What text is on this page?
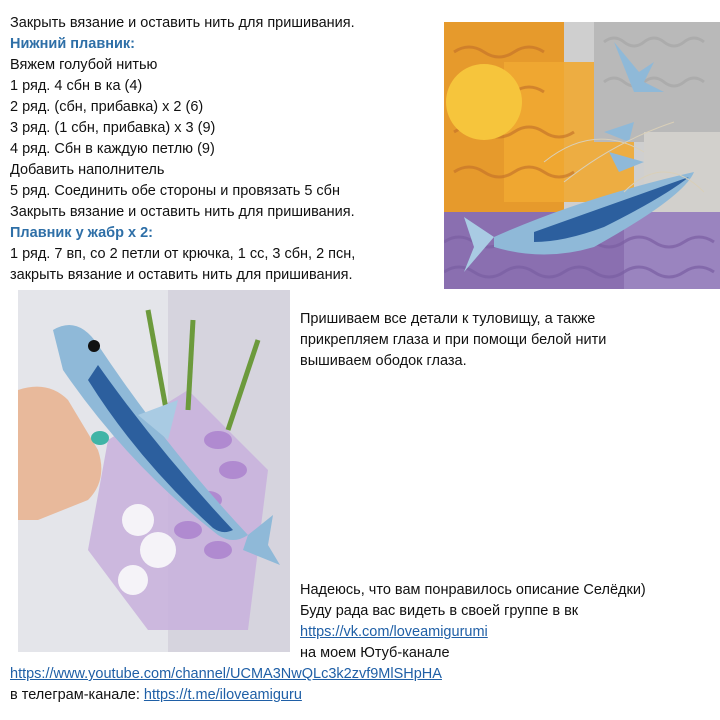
Закрыть вязание и оставить нить для пришивания.
Нижний плавник:
Вяжем голубой нитью
1 ряд. 4 сбн в ка (4)
2 ряд. (сбн, прибавка) х 2 (6)
3 ряд. (1 сбн, прибавка) х 3 (9)
4 ряд. Сбн в каждую петлю (9)
Добавить наполнитель
5 ряд. Соединить обе стороны и провязать 5 сбн
Закрыть вязание и оставить нить для пришивания.
Плавник у жабр х 2:
1 ряд. 7 вп, со 2 петли от крючка, 1 сс, 3 сбн, 2 псн,
закрыть вязание и оставить нить для пришивания.
Пришиваем все детали к туловищу, а также
прикрепляем глаза и при помощи белой нити
вышиваем ободок глаза.
Надеюсь, что вам понравилось описание Селёдки)
Буду рада вас видеть в своей группе в вк
https://vk.com/loveamigurumi
на моем Ютуб-канале
https://www.youtube.com/channel/UCMA3NwQLc3k2zvf9MlSHpHA
в телеграм-канале: https://t.me/iloveamiguru
